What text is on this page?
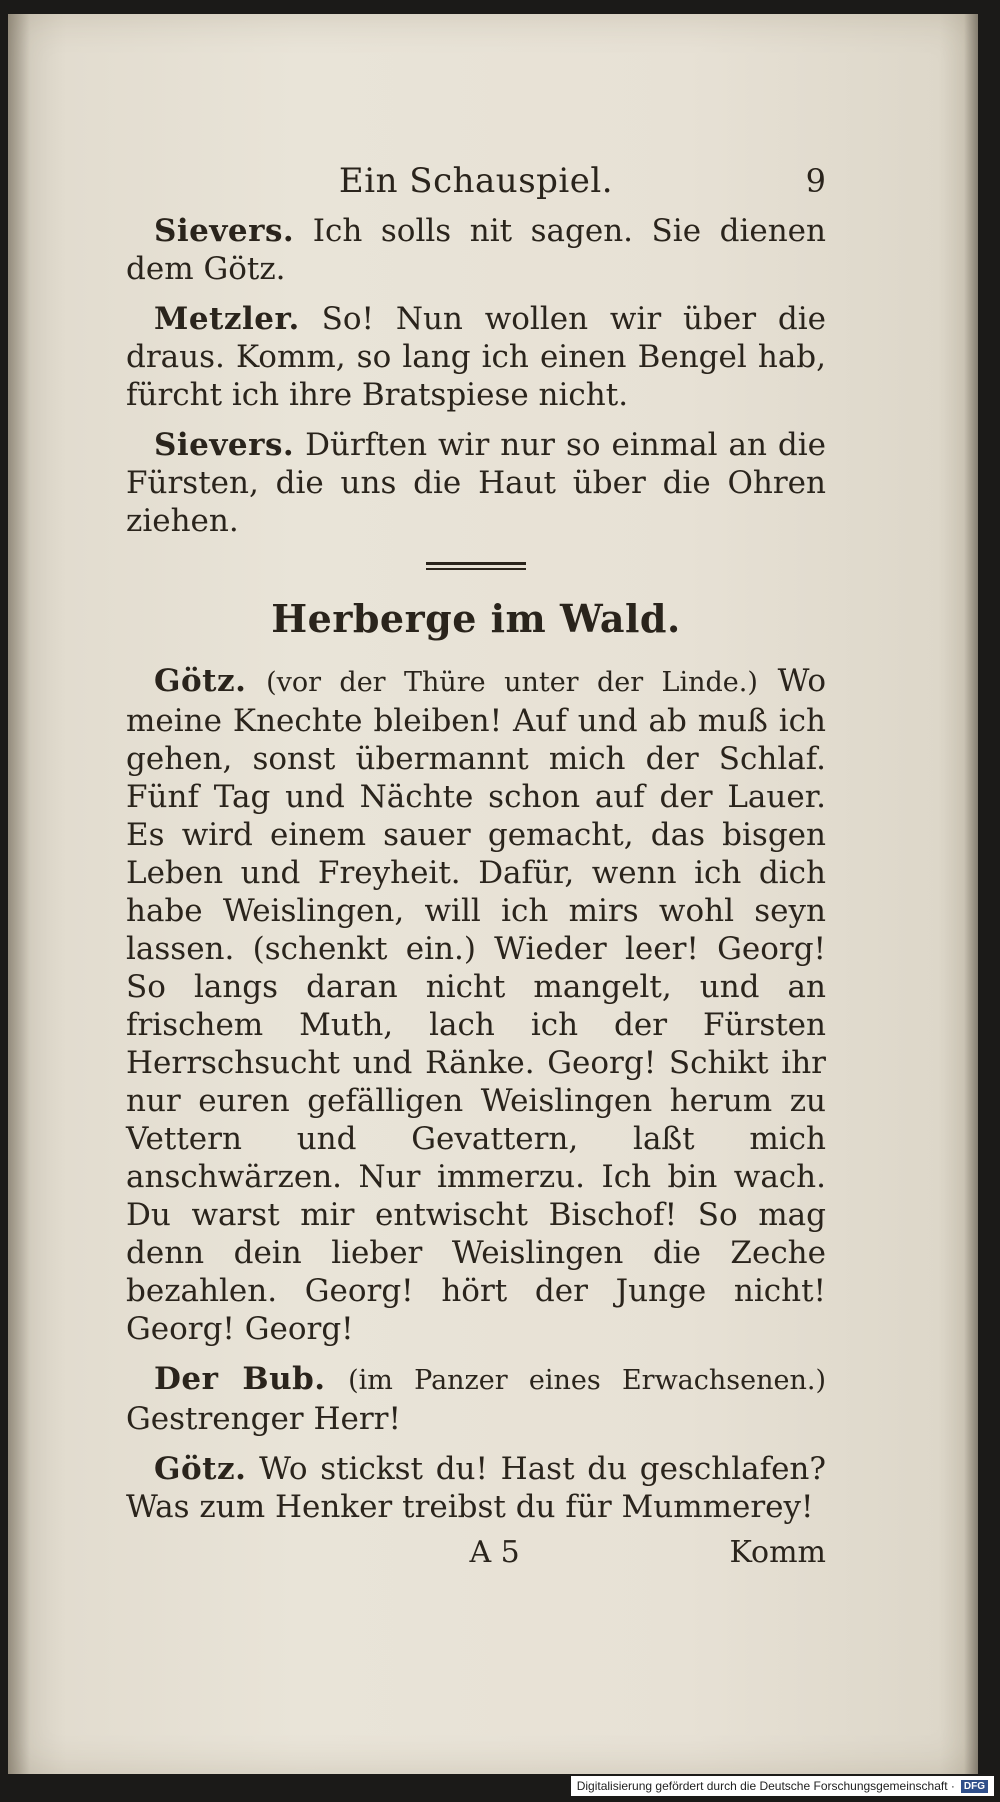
Ein Schauspiel.	9

Sievers. Ich solls nit sagen. Sie dienen dem Götz.

Metzler. So! Nun wollen wir über die draus. Komm, so lang ich einen Bengel hab, fürcht ich ihre Bratspiese nicht.

Sievers. Dürften wir nur so einmal an die Fürsten, die uns die Haut über die Ohren ziehen.

Herberge im Wald.

Götz. (vor der Thüre unter der Linde.) Wo meine Knechte bleiben! Auf und ab muß ich gehen, sonst übermannt mich der Schlaf. Fünf Tag und Nächte schon auf der Lauer. Es wird einem sauer gemacht, das bisgen Leben und Freyheit. Dafür, wenn ich dich habe Weislingen, will ich mirs wohl seyn lassen. (schenkt ein.) Wieder leer! Georg! So langs daran nicht mangelt, und an frischem Muth, lach ich der Fürsten Herrschsucht und Ränke. Georg! Schikt ihr nur euren gefälligen Weislingen herum zu Vettern und Gevattern, laßt mich anschwärzen. Nur immerzu. Ich bin wach. Du warst mir entwischt Bischof! So mag denn dein lieber Weislingen die Zeche bezahlen. Georg! hört der Junge nicht! Georg! Georg!

Der Bub. (im Panzer eines Erwachsenen.) Gestrenger Herr!

Götz. Wo stickst du! Hast du geschlafen? Was zum Henker treibst du für Mummerey!

A 5	Komm
Digitalisierung gefördert durch die Deutsche Forschungsgemeinschaft · DFG
